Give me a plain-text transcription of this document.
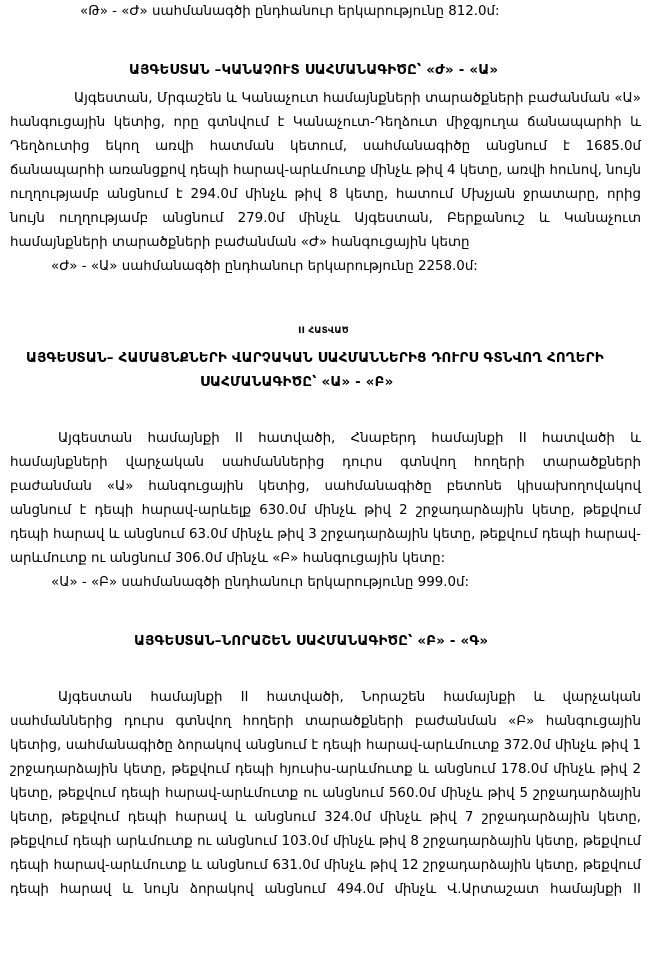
«Թ» - «Ժ» սահմանագծի ընդհանուր երկարությունը 812.0մ:
ԱՅԳԵՍՏԱՆ –ԿԱՆԱՉՈՒՏ ՍԱՀՄԱՆԱԳԻԾԸ՝ «Ժ» - «Ա»
Այգեստան, Մրգաշեն և Կանաչուտ համայնքների տարածքների բաժանման «Ա»
հանգուցային կետից, որը գտնվում է Կանաչուտ-Դեղձուտ միջգյուղա ճանապարհի և
Դեղձուտից եկող առվի հատման կետում, սահմանագիծը անցնում է 1685.0մ
ճանապարհի առանցքով դեպի հարավ-արևմուտք մինչև թիվ 4 կետը, առվի հունով, նույն
ուղղությամբ անցնում է 294.0մ մինչև թիվ 8 կետը, հատում Մխչյան ջրատարը, որից
նույն ուղղությամբ անցնում 279.0մ մինչև Այգեստան, Բերքանուշ և Կանաչուտ
համայնքների տարածքների բաժանման «Ժ» հանգուցային կետը
«Ժ» - «Ա» սահմանագծի ընդհանուր երկարությունը 2258.0մ:
II ՀԱՏՎԱԾ
ԱՅԳԵՍՏԱՆ– ՀԱՄԱՅՆՔՆԵՐԻ ՎԱՐՉԱԿԱՆ ՍԱՀՄԱՆՆԵՐԻՑ ԴՈՒՐՍ ԳՏՆՎՈՂ ՀՈՂԵՐԻ
ՍԱՀՄԱՆԱԳԻԾԸ՝ «Ա» - «Բ»
Այգեստան համայնքի II հատվածի, Հնաբերդ համայնքի II հատվածի և
համայնքների վարչական սահմաններից դուրս գտնվող հողերի տարածքների
բաժանման «Ա» հանգուցային կետից, սահմանագիծը բետոնե կիսախողովակով
անցնում է դեպի հարավ-արևելք 630.0մ մինչև թիվ 2 շրջադարձային կետը, թեքվում
դեպի հարավ և անցնում 63.0մ մինչև թիվ 3 շրջադարձային կետը, թեքվում դեպի հարավ-
արևմուտք ու անցնում 306.0մ մինչև «Բ» հանգուցային կետը:
«Ա» - «Բ» սահմանագծի ընդհանուր երկարությունը 999.0մ:
ԱՅԳԵՍՏԱՆ–ՆՈՐԱՇԵՆ ՍԱՀՄԱՆԱԳԻԾԸ՝ «Բ» - «Գ»
Այգեստան համայնքի II հատվածի, Նորաշեն համայնքի և վարչական
սահմաններից դուրս գտնվող հողերի տարածքների բաժանման «Բ» հանգուցային
կետից, սահմանագիծը ձորակով անցնում է դեպի հարավ-արևմուտք 372.0մ մինչև թիվ 1
շրջադարձային կետը, թեքվում դեպի հյուսիս-արևմուտք և անցնում 178.0մ մինչև թիվ 2
կետը, թեքվում դեպի հարավ-արևմուտք ու անցնում 560.0մ մինչև թիվ 5 շրջադարձային
կետը, թեքվում դեպի հարավ և անցնում 324.0մ մինչև թիվ 7 շրջադարձային կետը,
թեքվում դեպի արևմուտք ու անցնում 103.0մ մինչև թիվ 8 շրջադարձային կետը, թեքվում
դեպի հարավ-արևմուտք և անցնում 631.0մ մինչև թիվ 12 շրջադարձային կետը, թեքվում
դեպի հարավ և նույն ձորակով անցնում 494.0մ մինչև Վ.Արտաշատ համայնքի II
